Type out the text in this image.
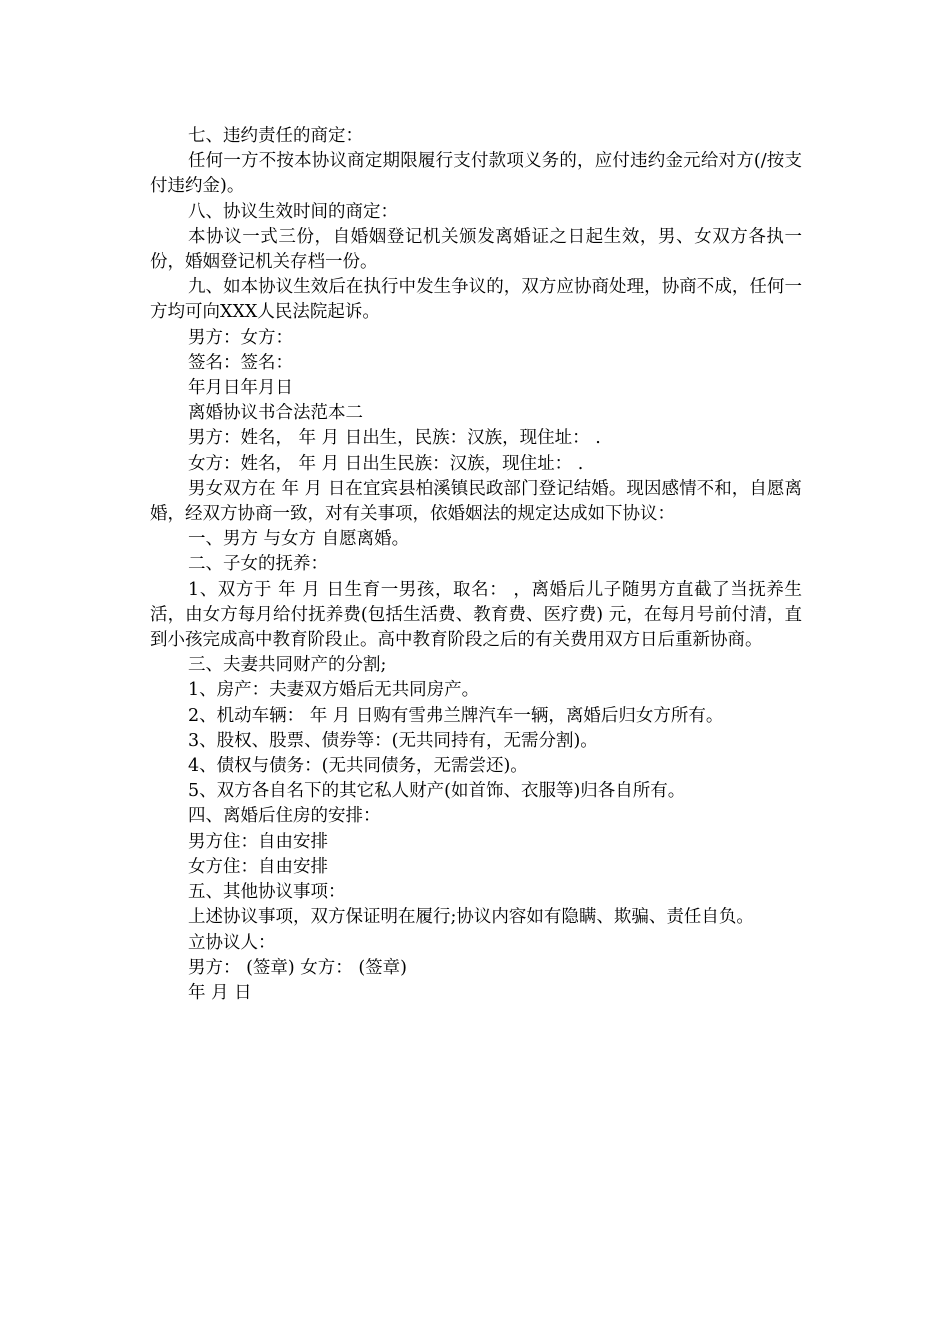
七、违约责任的商定：

任何一方不按本协议商定期限履行支付款项义务的，应付违约金元给对方(/按支付违约金)。

八、协议生效时间的商定：

本协议一式三份，自婚姻登记机关颁发离婚证之日起生效，男、女双方各执一份，婚姻登记机关存档一份。

九、如本协议生效后在执行中发生争议的，双方应协商处理，协商不成，任何一方均可向XXX人民法院起诉。

男方：女方：

签名：签名：

年月日年月日

离婚协议书合法范本二

男方：姓名， 年 月 日出生，民族：汉族，现住址： .

女方：姓名， 年 月 日出生民族：汉族，现住址： .

男女双方在 年 月 日在宜宾县柏溪镇民政部门登记结婚。现因感情不和，自愿离婚，经双方协商一致，对有关事项，依婚姻法的规定达成如下协议：

一、男方 与女方 自愿离婚。

二、子女的抚养：

1、双方于 年 月 日生育一男孩，取名： ，离婚后儿子随男方直截了当抚养生活，由女方每月给付抚养费(包括生活费、教育费、医疗费) 元，在每月号前付清，直到小孩完成高中教育阶段止。高中教育阶段之后的有关费用双方日后重新协商。

三、夫妻共同财产的分割;

1、房产：夫妻双方婚后无共同房产。

2、机动车辆： 年 月 日购有雪弗兰牌汽车一辆，离婚后归女方所有。

3、股权、股票、债券等：(无共同持有，无需分割)。

4、债权与债务：(无共同债务，无需尝还)。

5、双方各自名下的其它私人财产(如首饰、衣服等)归各自所有。

四、离婚后住房的安排：

男方住：自由安排

女方住：自由安排

五、其他协议事项：

上述协议事项，双方保证明在履行;协议内容如有隐瞒、欺骗、责任自负。

立协议人：

男方： (签章) 女方： (签章)

年 月 日
